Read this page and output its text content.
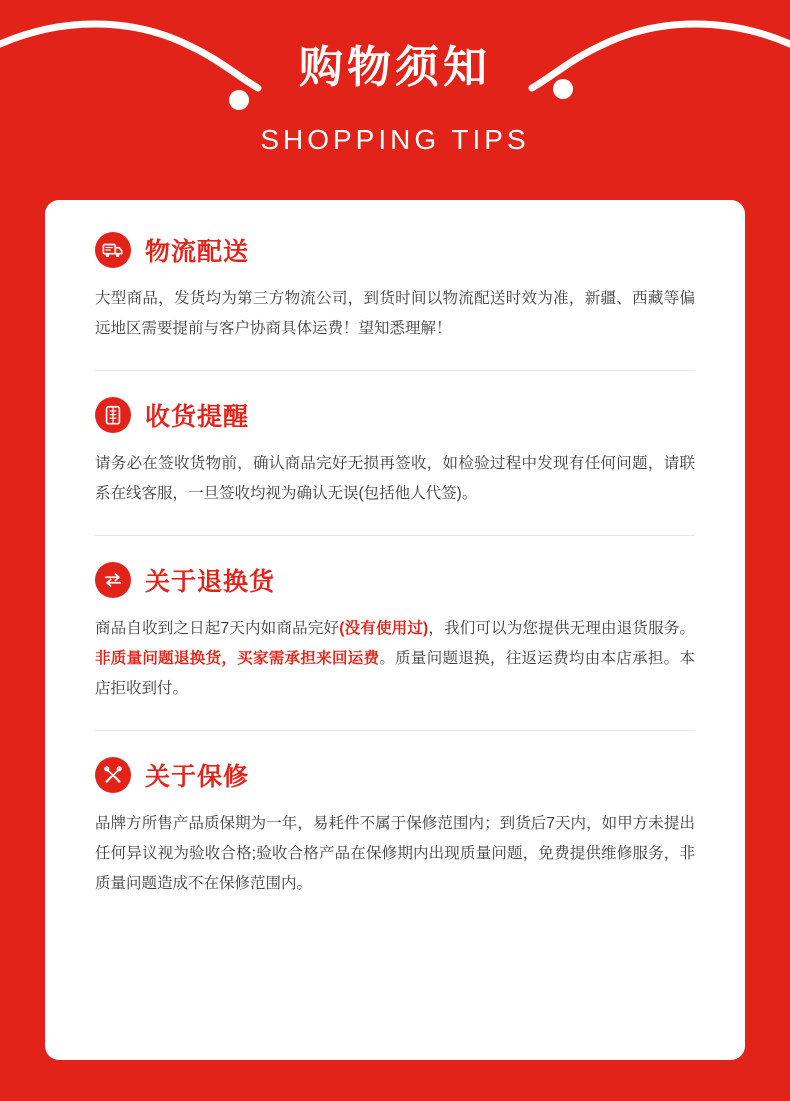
购物须知
SHOPPING TIPS
物流配送
大型商品，发货均为第三方物流公司，到货时间以物流配送时效为准，新疆、西藏等偏远地区需要提前与客户协商具体运费！望知悉理解！
收货提醒
请务必在签收货物前，确认商品完好无损再签收，如检验过程中发现有任何问题，请联系在线客服，一旦签收均视为确认无误(包括他人代签)。
关于退换货
商品自收到之日起7天内如商品完好(没有使用过)，我们可以为您提供无理由退货服务。非质量问题退换货，买家需承担来回运费。质量问题退换，往返运费均由本店承担。本店拒收到付。
关于保修
品牌方所售产品质保期为一年，易耗件不属于保修范围内；到货后7天内，如甲方未提出任何异议视为验收合格;验收合格产品在保修期内出现质量问题，免费提供维修服务，非质量问题造成不在保修范围内。
